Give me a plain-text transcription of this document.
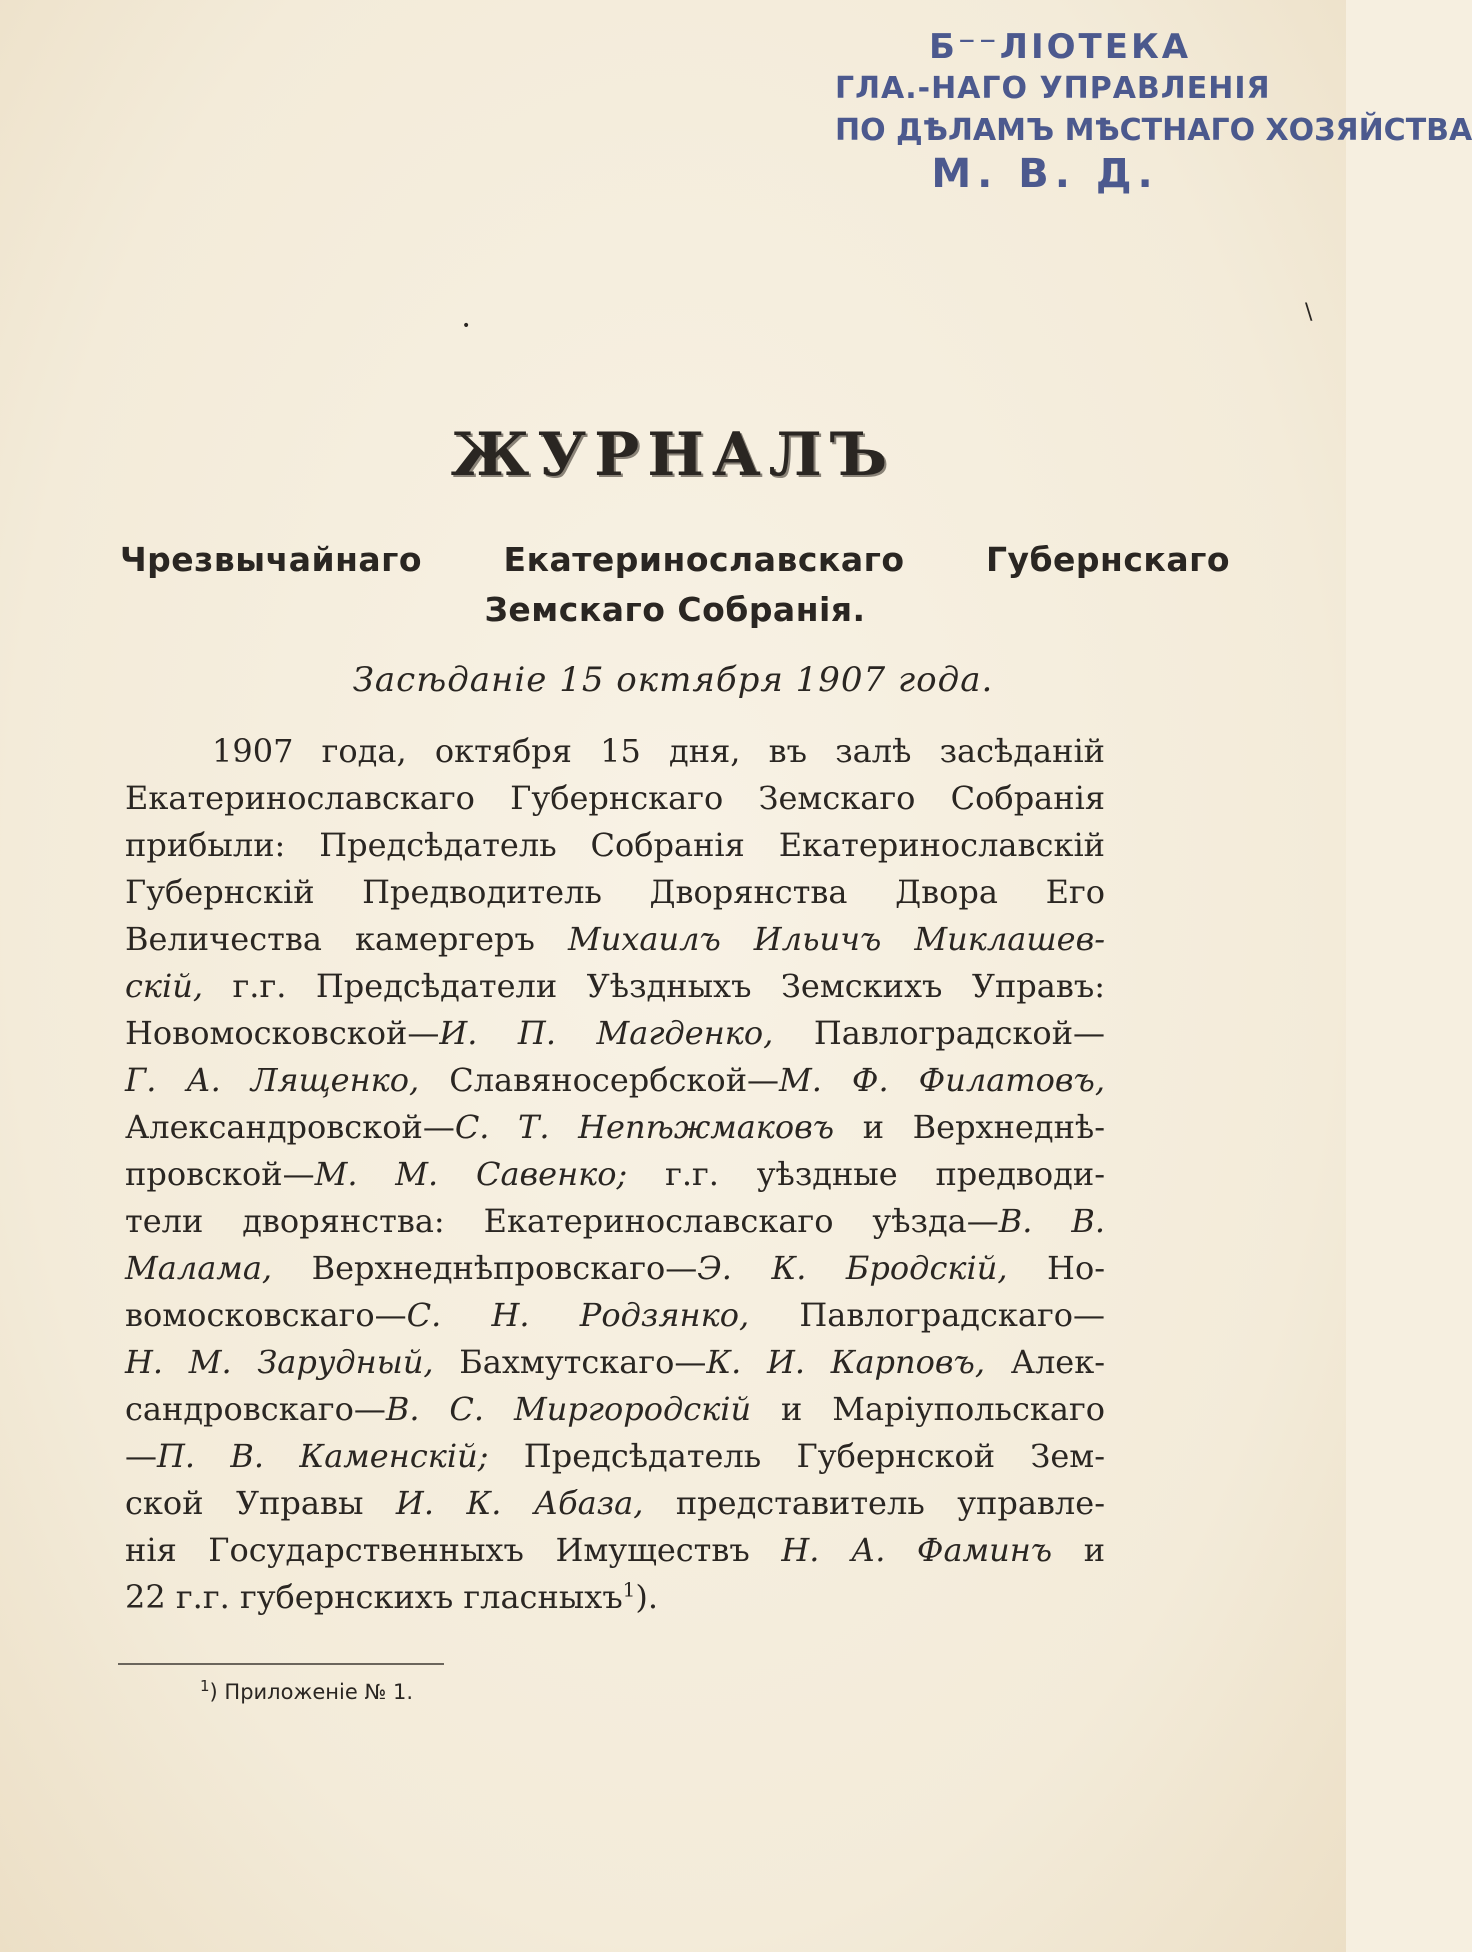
Б⁻⁻ЛІОТЕКА
ГЛА.-НАГО УПРАВЛЕНІЯ
ПО ДѢЛАМЪ МѢСТНАГО ХОЗЯЙСТВА
М. В. Д.
\
•
ЖУРНАЛЪ
Чрезвычайнаго Екатеринославскаго Губернскаго Земскаго Собранія.
Засѣданіе 15 октября 1907 года.
1907 года, октября 15 дня, въ залѣ засѣданій
Екатеринославскаго Губернскаго Земскаго Собранія
прибыли: Предсѣдатель Собранія Екатеринославскій
Губернскій Предводитель Дворянства Двора Его
Величества камергеръ Михаилъ Ильичъ Миклашев-
скій, г.г. Предсѣдатели Уѣздныхъ Земскихъ Управъ:
Новомосковской—И. П. Магденко, Павлоградской—
Г. А. Лященко, Славяносербской—М. Ф. Филатовъ,
Александровской—С. Т. Непѣжмаковъ и Верхнеднѣ-
провской—М. М. Савенко; г.г. уѣздные предводи-
тели дворянства: Екатеринославскаго уѣзда—В. В.
Малама, Верхнеднѣпровскаго—Э. К. Бродскій, Но-
вомосковскаго—С. Н. Родзянко, Павлоградскаго—
Н. М. Зарудный, Бахмутскаго—К. И. Карповъ, Алек-
сандровскаго—В. С. Миргородскій и Маріупольскаго
—П. В. Каменскій; Предсѣдатель Губернской Зем-
ской Управы И. К. Абаза, представитель управле-
нія Государственныхъ Имуществъ Н. А. Фаминъ и
22 г.г. губернскихъ гласныхъ$^1$).
$^1$) Приложеніе № 1.
